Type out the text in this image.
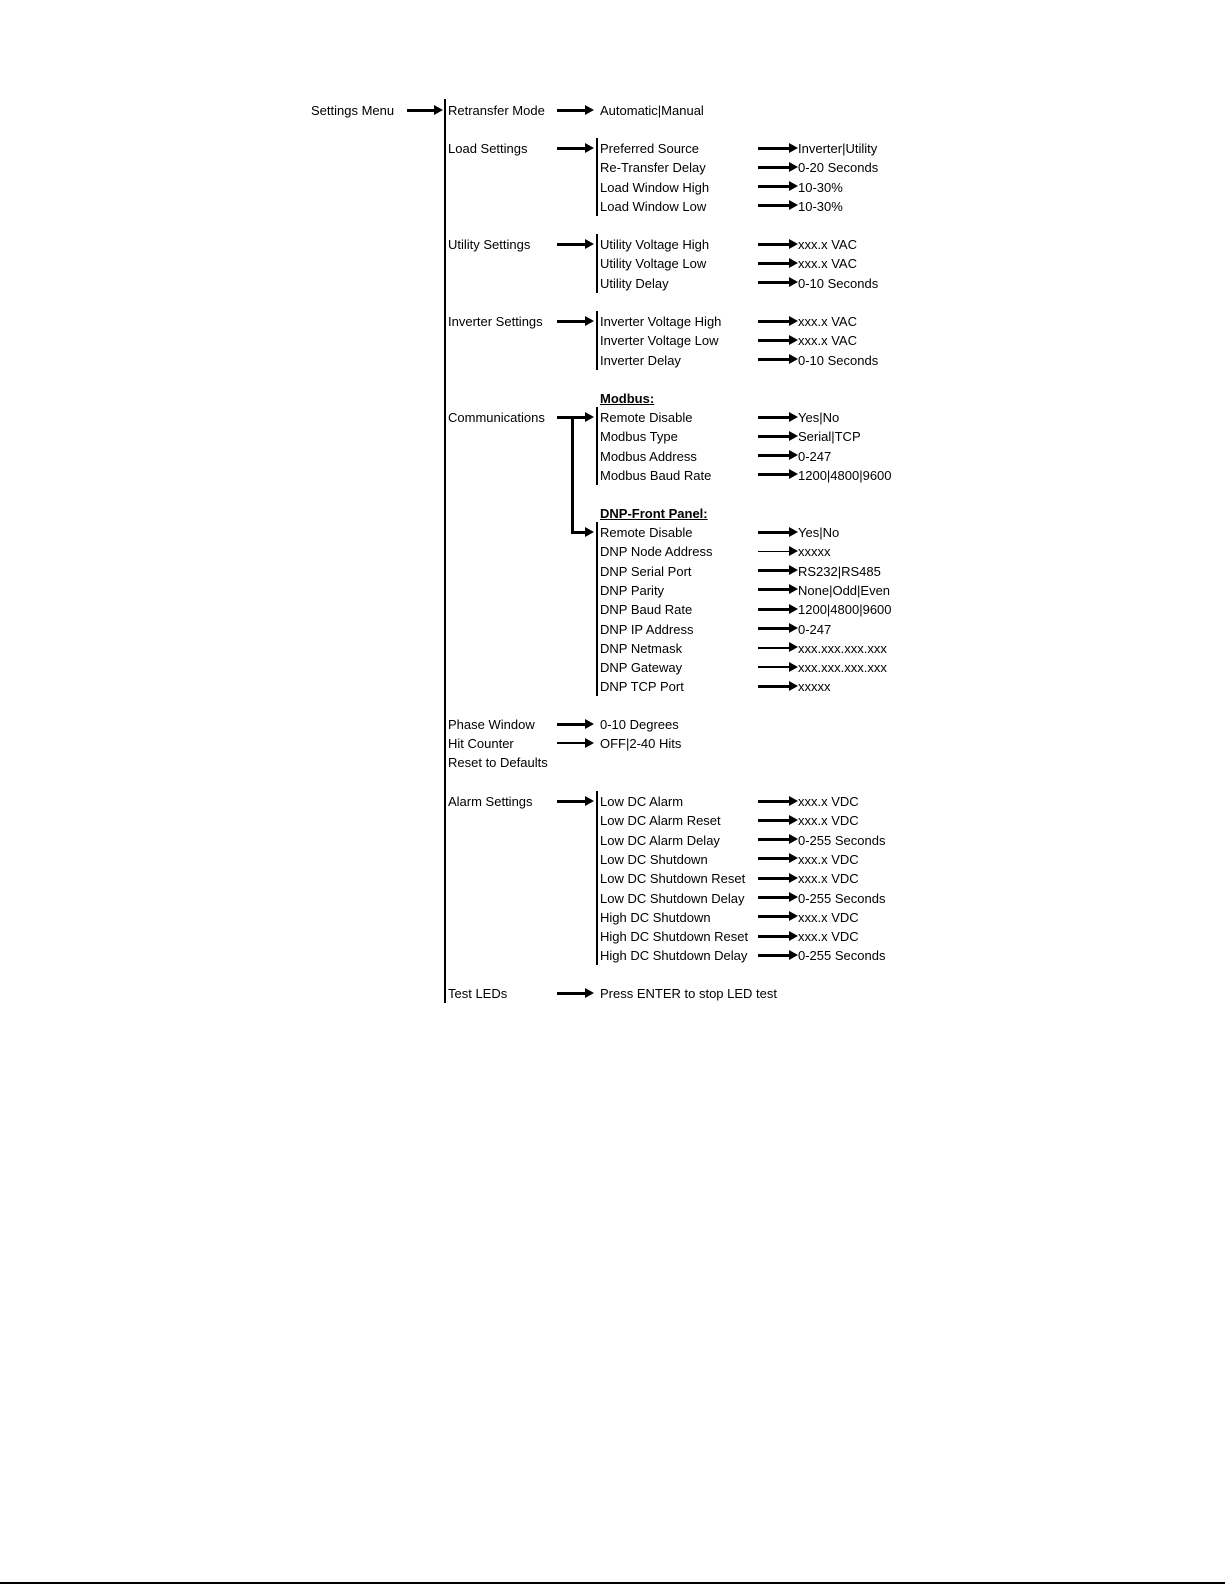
Settings Menu	Retransfer Mode	Automatic|Manual
Load Settings	Preferred Source	Inverter|Utility
Re-Transfer Delay	0-20 Seconds
Load Window High	10-30%
Load Window Low	10-30%
Utility Settings	Utility Voltage High	xxx.x VAC
Utility Voltage Low	xxx.x VAC
Utility Delay	0-10 Seconds
Inverter Settings	Inverter Voltage High	xxx.x VAC
Inverter Voltage Low	xxx.x VAC
Inverter Delay	0-10 Seconds
Communications
Modbus:
Remote Disable	Yes|No
Modbus Type	Serial|TCP
Modbus Address	0-247
Modbus Baud Rate	1200|4800|9600
DNP-Front Panel:
Remote Disable	Yes|No
DNP Node Address	xxxxx
DNP Serial Port	RS232|RS485
DNP Parity	None|Odd|Even
DNP Baud Rate	1200|4800|9600
DNP IP Address	0-247
DNP Netmask	xxx.xxx.xxx.xxx
DNP Gateway	xxx.xxx.xxx.xxx
DNP TCP Port	xxxxx
Phase Window	0-10 Degrees
Hit Counter	OFF|2-40 Hits
Reset to Defaults
Alarm Settings	Low DC Alarm	xxx.x VDC
Low DC Alarm Reset	xxx.x VDC
Low DC Alarm Delay	0-255 Seconds
Low DC Shutdown	xxx.x VDC
Low DC Shutdown Reset	xxx.x VDC
Low DC Shutdown Delay	0-255 Seconds
High DC Shutdown	xxx.x VDC
High DC Shutdown Reset	xxx.x VDC
High DC Shutdown Delay	0-255 Seconds
Test LEDs	Press ENTER to stop LED test
